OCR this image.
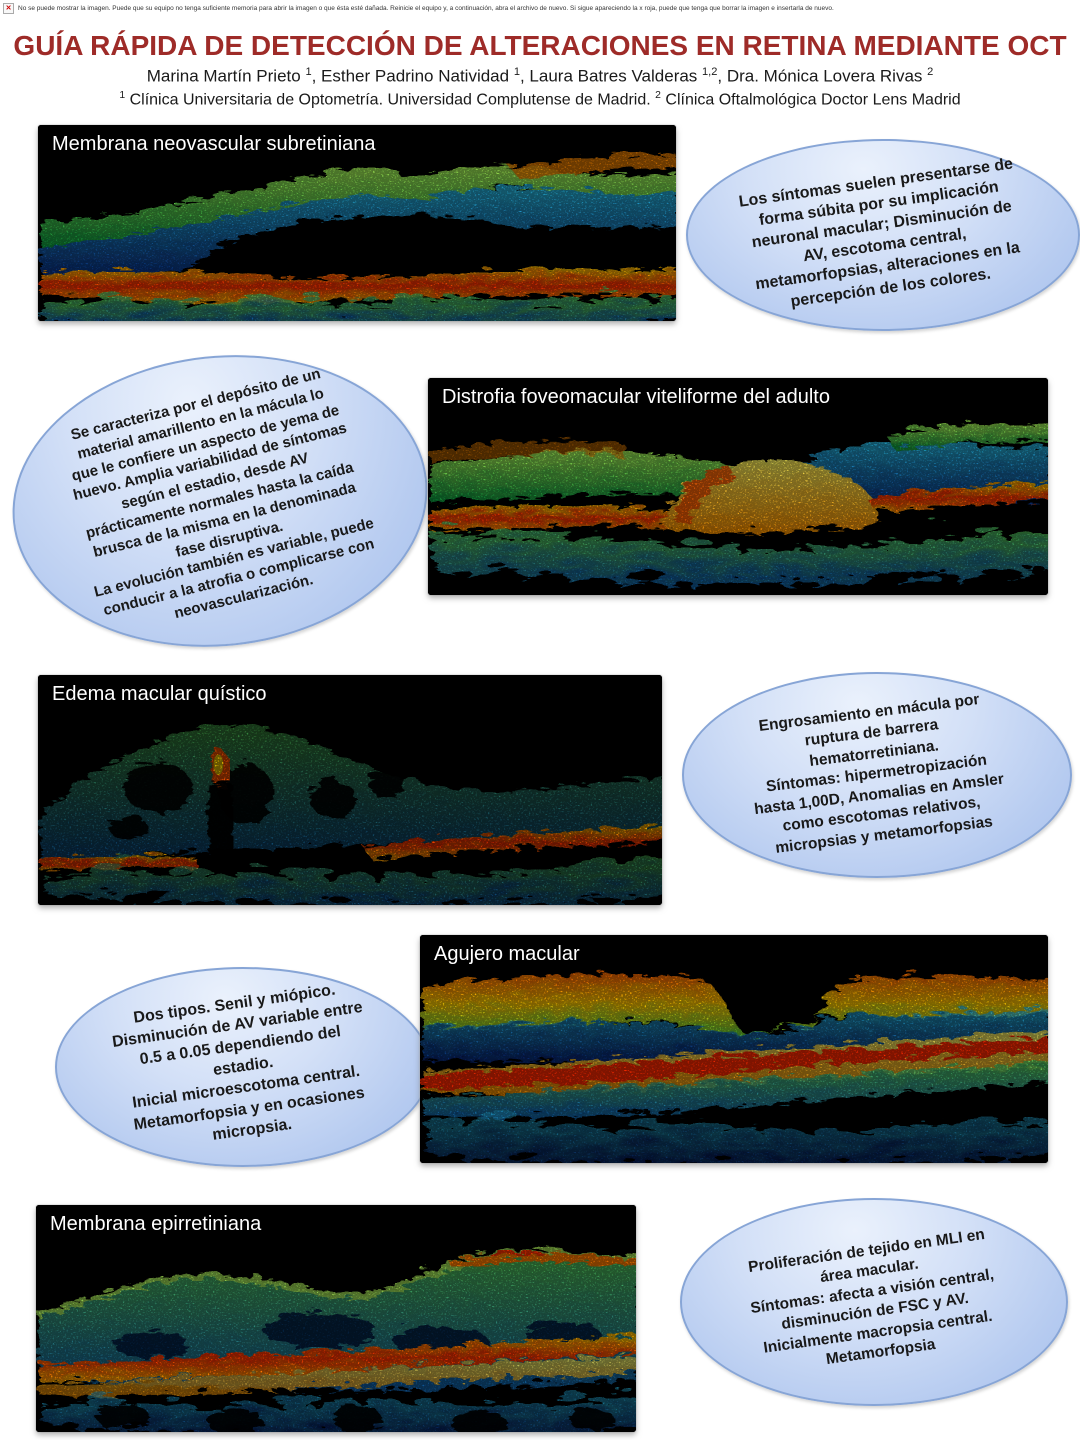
✕ No se puede mostrar la imagen. Puede que su equipo no tenga suficiente memoria para abrir la imagen o que ésta esté dañada. Reinicie el equipo y, a continuación, abra el archivo de nuevo. Si sigue apareciendo la x roja, puede que tenga que borrar la imagen e insertarla de nuevo.
GUÍA RÁPIDA DE DETECCIÓN DE ALTERACIONES EN RETINA MEDIANTE OCT
Marina Martín Prieto $^1$, Esther Padrino Natividad $^1$, Laura Batres Valderas $^{1,2}$, Dra. Mónica Lovera Rivas $^2$
$^1$ Clínica Universitaria de Optometría. Universidad Complutense de Madrid. $^2$ Clínica Oftalmológica Doctor Lens Madrid
Membrana neovascular subretiniana
Los síntomas suelen presentarse de
forma súbita por su implicación
neuronal macular; Disminución de
AV, escotoma central,
metamorfopsias, alteraciones en la
percepción de los colores.
Se caracteriza por el depósito de un
material amarillento en la mácula lo
que le confiere un aspecto de yema de
huevo. Amplia variabilidad de síntomas
según el estadio, desde AV
prácticamente normales hasta la caída
brusca de la misma en la denominada
fase disruptiva.
La evolución también es variable, puede
conducir a la atrofia o complicarse con
neovascularización.
Distrofia foveomacular viteliforme del adulto
Edema macular quístico	Engrosamiento en mácula por
ruptura de barrera
hematorretiniana.
Síntomas: hipermetropización
hasta 1,00D, Anomalias en Amsler
como escotomas relativos,
micropsias y metamorfopsias
Dos tipos. Senil y miópico.
Disminución de AV variable entre
0.5 a 0.05 dependiendo del
estadio.
Inicial microescotoma central.
Metamorfopsia y en ocasiones
micropsia.
Agujero macular
Membrana epirretiniana
Proliferación de tejido en MLI en
área macular.
Síntomas: afecta a visión central,
disminución de FSC y AV.
Inicialmente macropsia central.
Metamorfopsia
